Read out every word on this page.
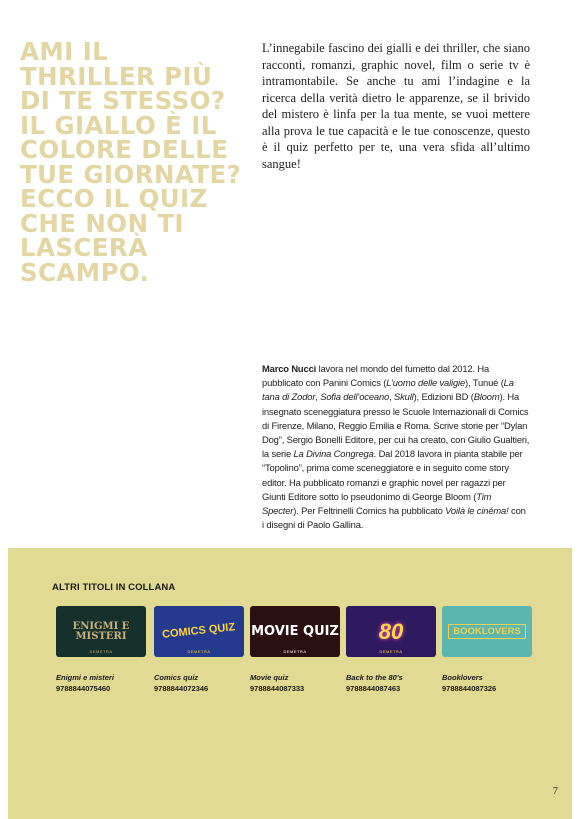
AMI IL THRILLER PIÙ DI TE STESSO? IL GIALLO È IL COLORE DELLE TUE GIORNATE? ECCO IL QUIZ CHE NON TI LASCERÀ SCAMPO.

L’innegabile fascino dei gialli e dei thriller, che siano racconti, romanzi, graphic novel, film o serie tv è intramontabile. Se anche tu ami l’indagine e la ricerca della verità dietro le apparenze, se il brivido del mistero è linfa per la tua mente, se vuoi mettere alla prova le tue capacità e le tue conoscenze, questo è il quiz perfetto per te, una vera sfida all’ultimo sangue!

Marco Nucci lavora nel mondo del fumetto dal 2012. Ha pubblicato con Panini Comics (L’uomo delle valigie), Tunué (La tana di Zodor, Sofia dell’oceano, Skull), Edizioni BD (Bloom). Ha insegnato sceneggiatura presso le Scuole Internazionali di Comics di Firenze, Milano, Reggio Emilia e Roma. Scrive storie per “Dylan Dog”, Sergio Bonelli Editore, per cui ha creato, con Giulio Gualtieri, la serie La Divina Congrega. Dal 2018 lavora in pianta stabile per “Topolino”, prima come sceneggiatore e in seguito come story editor. Ha pubblicato romanzi e graphic novel per ragazzi per Giunti Editore sotto lo pseudonimo di George Bloom (Tim Specter). Per Feltrinelli Comics ha pubblicato Voilà le cinéma! con i disegni di Paolo Gallina.

ALTRI TITOLI IN COLLANA

ENIGMI E MISTERI
DEMETRA
Enigmi e misteri
9788844075460
COMICS QUIZ
DEMETRA
Comics quiz
9788844072346
MOVIE QUIZ
DEMETRA
Movie quiz
9788844087333
80
DEMETRA
Back to the 80's
9788844087463
BOOKLOVERS
Booklovers
9788844087326

7
